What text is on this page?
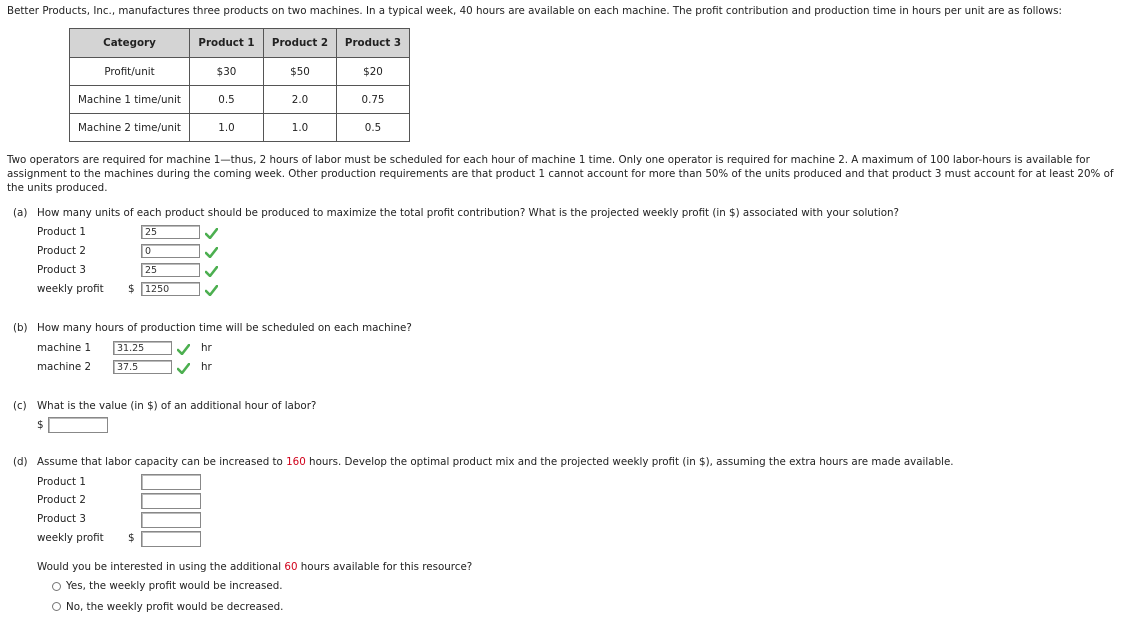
Better Products, Inc., manufactures three products on two machines. In a typical week, 40 hours are available on each machine. The profit contribution and production time in hours per unit are as follows:
Category	Product 1	Product 2	Product 3
Profit/unit	$30	$50	$20
Machine 1 time/unit	0.5	2.0	0.75
Machine 2 time/unit	1.0	1.0	0.5
Two operators are required for machine 1—thus, 2 hours of labor must be scheduled for each hour of machine 1 time. Only one operator is required for machine 2. A maximum of 100 labor-hours is available for assignment to the machines during the coming week. Other production requirements are that product 1 cannot account for more than 50% of the units produced and that product 3 must account for at least 20% of the units produced.
(a) How many units of each product should be produced to maximize the total profit contribution? What is the projected weekly profit (in $) associated with your solution?
Product 1	25
Product 2	0
Product 3	25
weekly profit $	1250
(b) How many hours of production time will be scheduled on each machine?
machine 1	31.25	hr
machine 2	37.5	hr
(c) What is the value (in $) of an additional hour of labor?
$
(d) Assume that labor capacity can be increased to 160 hours. Develop the optimal product mix and the projected weekly profit (in $), assuming the extra hours are made available.
Product 1
Product 2
Product 3
weekly profit $
Would you be interested in using the additional 60 hours available for this resource?
Yes, the weekly profit would be increased.
No, the weekly profit would be decreased.
